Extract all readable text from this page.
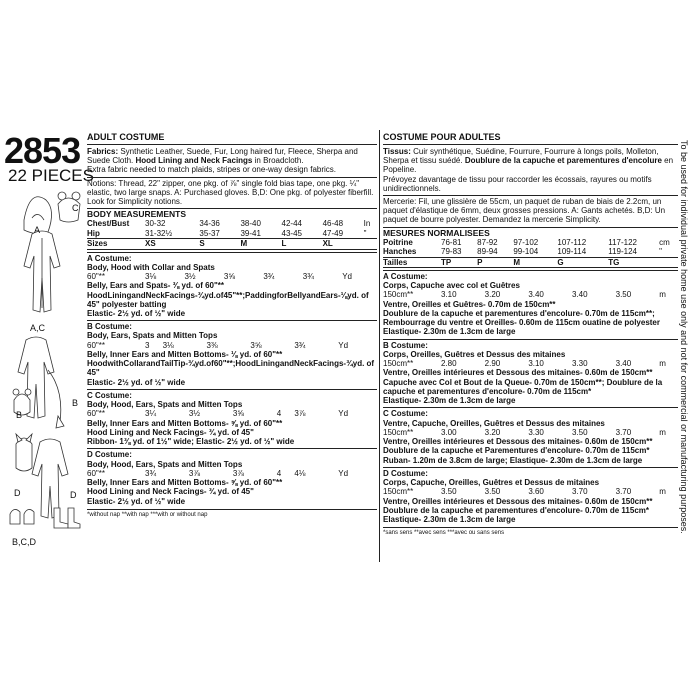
2853
22 PIECES
A
C
A,C
B
B
D
D
B,C,D
ADULT COSTUME

Fabrics: Synthetic Leather, Suede, Fur, Long haired fur, Fleece, Sherpa and Suede Cloth. Hood Lining and Neck Facings in Broadcloth.

Extra fabric needed to match plaids, stripes or one-way design fabrics.

Notions: Thread, 22" zipper, one pkg. of ⅞" single fold bias tape, one pkg. ¼" elastic, two large snaps. A: Purchased gloves. B,D: One pkg. of polyester fiberfill. Look for Simplicity notions.

BODY MEASUREMENTS
Chest/Bust	30-32	34-36	38-40	42-44	46-48	In
Hip	31-32½	35-37	39-41	43-45	47-49	"
Sizes	XS	S	M	L	XL	
A Costume:
Body, Hood with Collar and Spats
60"**	3⅛	3½	3⅝	3¾	3¾	Yd
Belly, Ears and Spats- ⅜ yd. of 60"**
HoodLiningandNeckFacings-¾yd.of45"**;PaddingforBellyandEars-⅛yd. of 45" polyester batting
Elastic- 2½ yd. of ½" wide
B Costume:
Body, Ears, Spats and Mitten Tops
60"**	3	3⅛	3⅜	3⅝	3¾	Yd
Belly, Inner Ears and Mitten Bottoms- ⅛ yd. of 60"**
HoodwithCollarandTailTip-¾yd.of60"**;HoodLiningandNeckFacings-¾yd. of 45"
Elastic- 2½ yd. of ½" wide
C Costume:
Body, Hood, Ears, Spats and Mitten Tops
60"**	3¼	3½	3⅝	4	3⅞	Yd
Belly, Inner Ears and Mitten Bottoms- ⅝ yd. of 60"**
Hood Lining and Neck Facings- ¾ yd. of 45"
Ribbon- 1⅜ yd. of 1½" wide; Elastic- 2½ yd. of ½" wide
D Costume:
Body, Hood, Ears, Spats and Mitten Tops
60"**	3¾	3⅞	3⅞	4	4⅛	Yd
Belly, Inner Ears and Mitten Bottoms- ⅝ yd. of 60"**
Hood Lining and Neck Facings- ¾ yd. of 45"
Elastic- 2½ yd. of ½" wide
*without nap **with nap ***with or without nap
COSTUME POUR ADULTES

Tissus: Cuir synthétique, Suédine, Fourrure, Fourrure à longs poils, Molleton, Sherpa et tissu suédé. Doublure de la capuche et parementures d'encolure en Popeline.

Prévoyez davantage de tissu pour raccorder les écossais, rayures ou motifs unidirectionnels.

Mercerie: Fil, une glissière de 55cm, un paquet de ruban de biais de 2.2cm, un paquet d'élastique de 6mm, deux grosses pressions. A: Gants achetés. B,D: Un paquet de bourre polyester. Demandez la mercerie Simplicity.

MESURES NORMALISEES
Poitrine	76-81	87-92	97-102	107-112	117-122	cm
Hanches	79-83	89-94	99-104	109-114	119-124	"
Tailles	TP	P	M	G	TG	
A Costume:
Corps, Capuche avec col et Guêtres
150cm**	3.10	3.20	3.40	3.40	3.50	m
Ventre, Oreilles et Guêtres- 0.70m de 150cm**
Doublure de la capuche et parementures d'encolure- 0.70m de 115cm**;
Rembourrage du ventre et Oreilles- 0.60m de 115cm ouatine de polyester
Elastique- 2.30m de 1.3cm de large
B Costume:
Corps, Oreilles, Guêtres et Dessus des mitaines
150cm**	2.80	2.90	3.10	3.30	3.40	m
Ventre, Oreilles intérieures et Dessous des mitaines- 0.60m de 150cm**
Capuche avec Col et Bout de la Queue- 0.70m de 150cm**; Doublure de la capuche et parementures d'encolure- 0.70m de 115cm*
Elastique- 2.30m de 1.3cm de large
C Costume:
Ventre, Capuche, Oreilles, Guêtres et Dessus des mitaines
150cm**	3.00	3.20	3.30	3.50	3.70	m
Ventre, Oreilles intérieures et Dessous des mitaines- 0.60m de 150cm**
Doublure de la capuche et Parementures d'encolure- 0.70m de 115cm*
Ruban- 1.20m de 3.8cm de large; Elastique- 2.30m de 1.3cm de large
D Costume:
Corps, Capuche, Oreilles, Guêtres et Dessus de mitaines
150cm**	3.50	3.50	3.60	3.70	3.70	m
Ventre, Oreilles intérieures et Dessous des mitaines- 0.60m de 150cm**
Doublure de la capuche et parementures d'encolure- 0.70m de 115cm*
Elastique- 2.30m de 1.3cm de large
*sans sens **avec sens ***avec ou sans sens	To be used for individual private home use only and not for commercial or manufacturing purposes.
